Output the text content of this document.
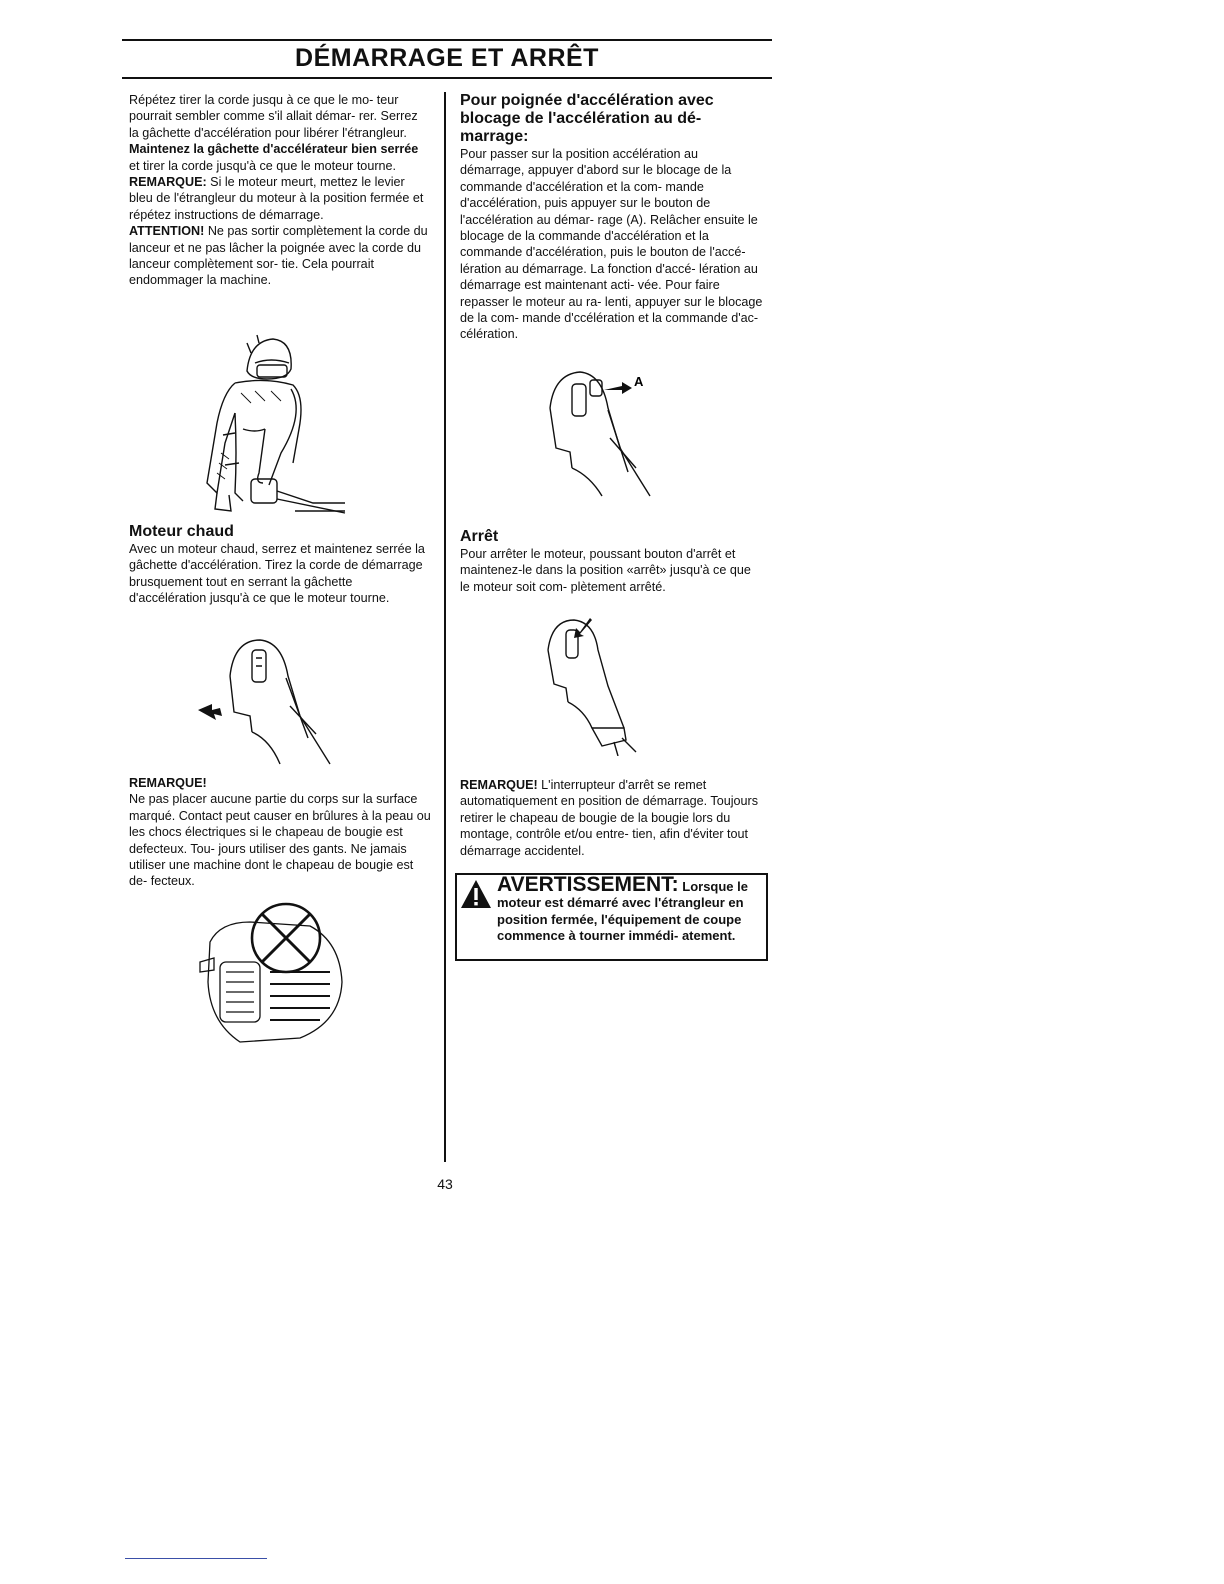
DÉMARRAGE ET ARRÊT

Répétez tirer la corde jusqu à ce que le mo- teur pourrait sembler comme s'il allait démar- rer. Serrez la gâchette d'accélération pour libérer l'étrangleur. Maintenez la gâchette d'accélérateur bien serrée et tirer la corde jusqu'à ce que le moteur tourne.

REMARQUE: Si le moteur meurt, mettez le levier bleu de l'étrangleur du moteur à la position fermée et répétez instructions de démarrage.

ATTENTION! Ne pas sortir complètement la corde du lanceur et ne pas lâcher la poignée avec la corde du lanceur complètement sor- tie. Cela pourrait endommager la machine.

Moteur chaud

Avec un moteur chaud, serrez et maintenez serrée la gâchette d'accélération. Tirez la corde de démarrage brusquement tout en serrant la gâchette d'accélération jusqu'à ce que le moteur tourne.

REMARQUE!

Ne pas placer aucune partie du corps sur la surface marqué. Contact peut causer en brûlures à la peau ou les chocs électriques si le chapeau de bougie est defecteux. Tou- jours utiliser des gants. Ne jamais utiliser une machine dont le chapeau de bougie est de- fecteux.

Pour poignée d'accélération avec blocage de l'accélération au dé- marrage:

Pour passer sur la position accélération au démarrage, appuyer d'abord sur le blocage de la commande d'accélération et la com- mande d'accélération, puis appuyer sur le bouton de l'accélération au démar- rage (A). Relâcher ensuite le blocage de la commande d'accélération et la commande d'accélération, puis le bouton de l'accé- lération au démarrage. La fonction d'accé- lération au démarrage est maintenant acti- vée. Pour faire repasser le moteur au ra- lenti, appuyer sur le blocage de la com- mande d'ccélération et la commande d'ac- célération.

A

Arrêt

Pour arrêter le moteur, poussant bouton d'arrêt et maintenez-le dans la position «arrêt» jusqu'à ce que le moteur soit com- plètement arrêté.

REMARQUE! L'interrupteur d'arrêt se remet automatiquement en position de démarrage. Toujours retirer le chapeau de bougie de la bougie lors du montage, contrôle et/ou entre- tien, afin d'éviter tout démarrage accidentel.

AVERTISSEMENT: Lorsque le moteur est démarré avec l'étrangleur en position fermée, l'équipement de coupe commence à tourner immédi- atement.
43
